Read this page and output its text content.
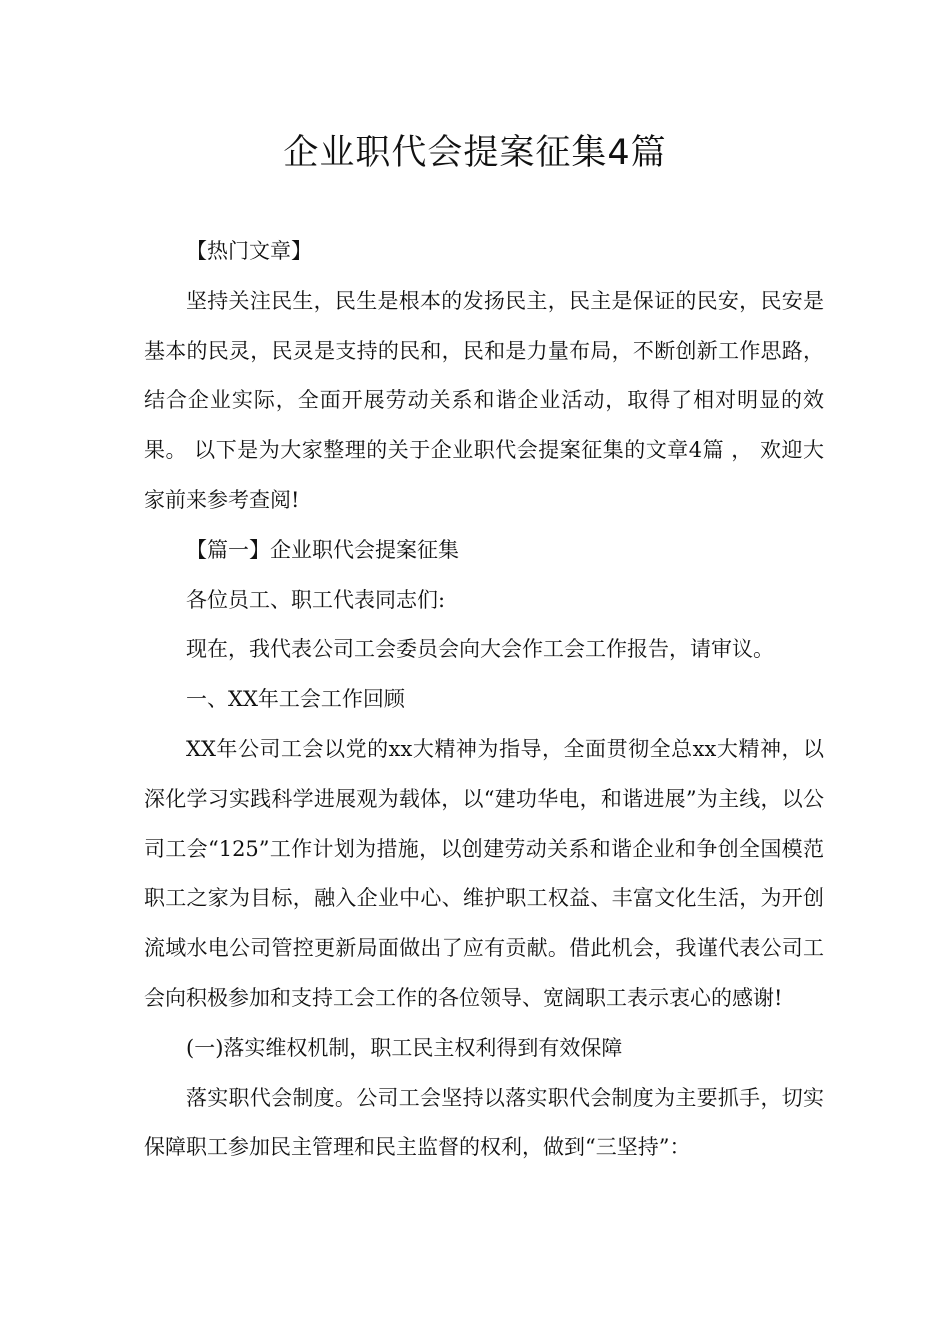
企业职代会提案征集4篇

【热门文章】

坚持关注民生，民生是根本的发扬民主，民主是保证的民安，民安是基本的民灵，民灵是支持的民和，民和是力量布局，不断创新工作思路，结合企业实际，全面开展劳动关系和谐企业活动，取得了相对明显的效果。 以下是为大家整理的关于企业职代会提案征集的文章4篇 ， 欢迎大家前来参考查阅!

【篇一】企业职代会提案征集

各位员工、职工代表同志们:

现在，我代表公司工会委员会向大会作工会工作报告，请审议。

一、XX年工会工作回顾

XX年公司工会以党的xx大精神为指导，全面贯彻全总xx大精神，以深化学习实践科学进展观为载体，以“建功华电，和谐进展”为主线，以公司工会“125”工作计划为措施，以创建劳动关系和谐企业和争创全国模范职工之家为目标，融入企业中心、维护职工权益、丰富文化生活，为开创流域水电公司管控更新局面做出了应有贡献。借此机会，我谨代表公司工会向积极参加和支持工会工作的各位领导、宽阔职工表示衷心的感谢!

(一)落实维权机制，职工民主权利得到有效保障

落实职代会制度。公司工会坚持以落实职代会制度为主要抓手，切实保障职工参加民主管理和民主监督的权利，做到“三坚持”：
